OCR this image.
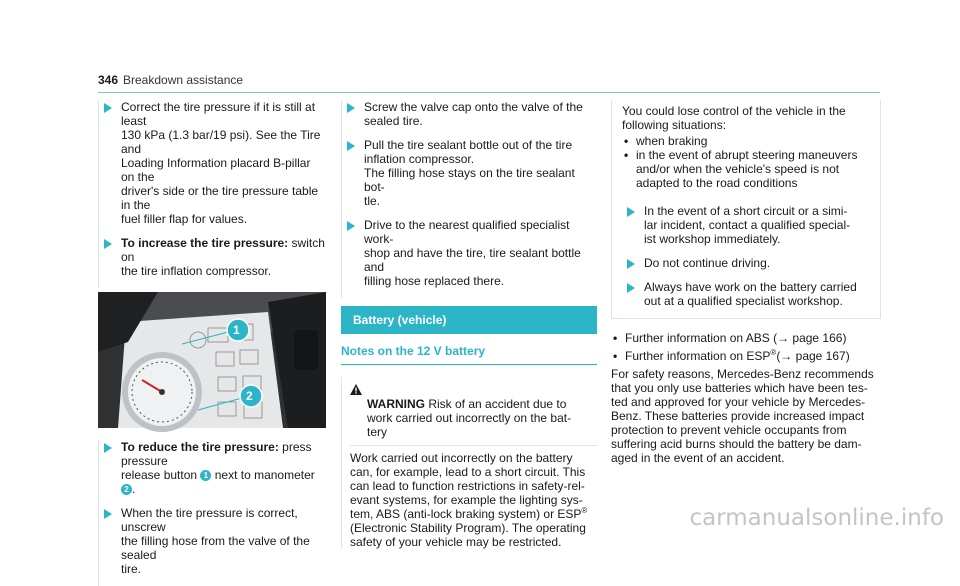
346 Breakdown assistance

Correct the tire pressure if it is still at least
130 kPa (1.3 bar/19 psi). See the Tire and
Loading Information placard B-pillar on the
driver's side or the tire pressure table in the
fuel filler flap for values.

To increase the tire pressure: switch on
the tire inflation compressor.

1
2

To reduce the tire pressure: press pressure
release button 1 next to manometer 2 .

When the tire pressure is correct, unscrew
the filling hose from the valve of the sealed
tire.

Screw the valve cap onto the valve of the
sealed tire.

Pull the tire sealant bottle out of the tire
inflation compressor.
The filling hose stays on the tire sealant bot-
tle.

Drive to the nearest qualified specialist work-
shop and have the tire, tire sealant bottle and
filling hose replaced there.

Battery (vehicle)
Notes on the 12 V battery

WARNING Risk of an accident due to
work carried out incorrectly on the bat-
tery

Work carried out incorrectly on the battery
can, for example, lead to a short circuit. This
can lead to function restrictions in safety-rel-
evant systems, for example the lighting sys-
tem, ABS (anti-lock braking system) or ESP®
(Electronic Stability Program). The operating
safety of your vehicle may be restricted.

You could lose control of the vehicle in the
following situations:

• when braking
• in the event of abrupt steering maneuvers
and/or when the vehicle's speed is not
adapted to the road conditions

In the event of a short circuit or a simi-
lar incident, contact a qualified special-
ist workshop immediately.

Do not continue driving.

Always have work on the battery carried
out at a qualified specialist workshop.

• Further information on ABS (→ page 166)
• Further information on ESP®(→ page 167)

For safety reasons, Mercedes-Benz recommends
that you only use batteries which have been tes-
ted and approved for your vehicle by Mercedes-
Benz. These batteries provide increased impact
protection to prevent vehicle occupants from
suffering acid burns should the battery be dam-
aged in the event of an accident.

carmanualsonline.info
